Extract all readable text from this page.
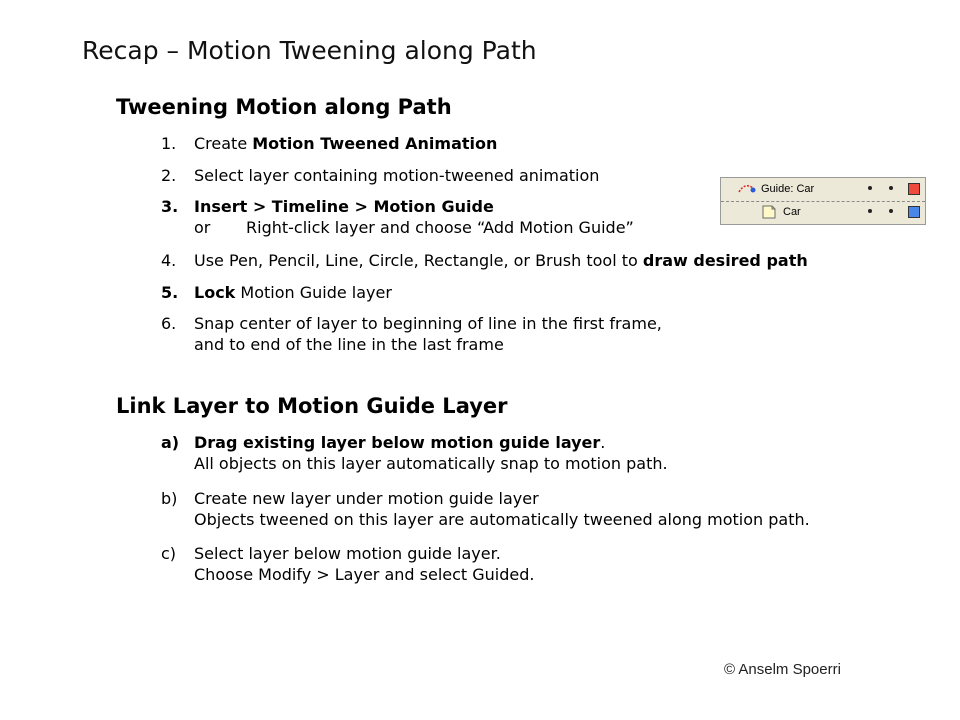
Recap – Motion Tweening along Path
Tweening Motion along Path
1. Create Motion Tweened Animation
2. Select layer containing motion-tweened animation
3. Insert > Timeline > Motion Guide
or Right-click layer and choose “Add Motion Guide”
4. Use Pen, Pencil, Line, Circle, Rectangle, or Brush tool to draw desired path
5. Lock Motion Guide layer
6. Snap center of layer to beginning of line in the first frame,
and to end of the line in the last frame
Link Layer to Motion Guide Layer
a) Drag existing layer below motion guide layer.
All objects on this layer automatically snap to motion path.
b) Create new layer under motion guide layer
Objects tweened on this layer are automatically tweened along motion path.
c) Select layer below motion guide layer.
Choose Modify > Layer and select Guided.
Guide: Car
Car
© Anselm Spoerri
